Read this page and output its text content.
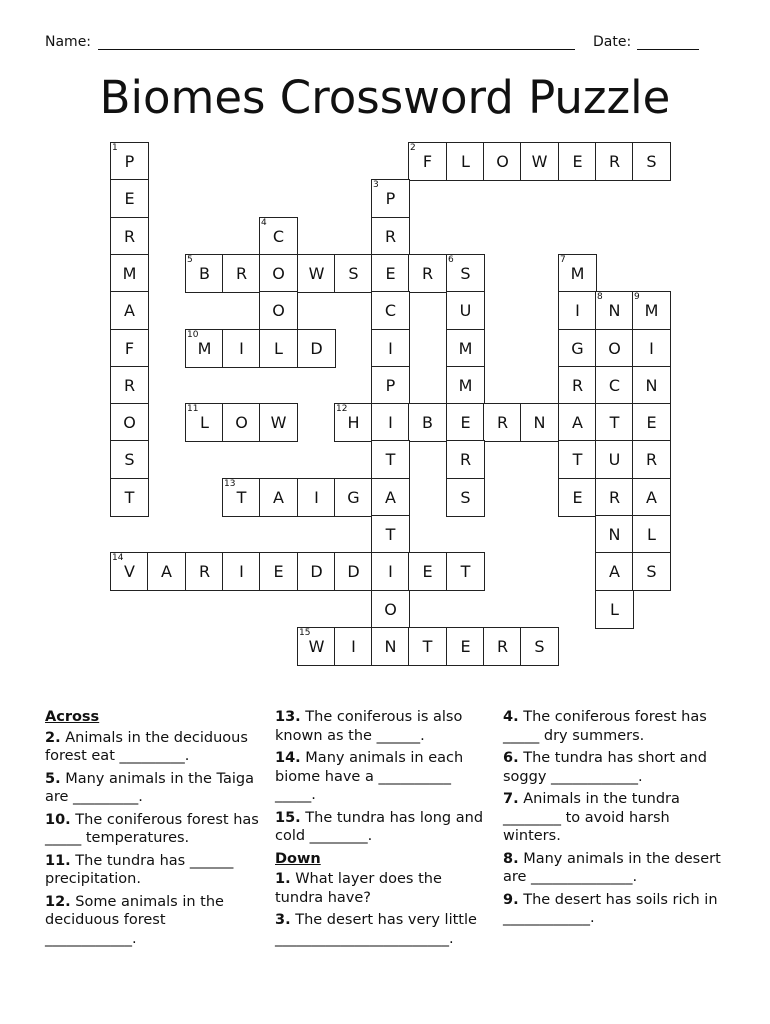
Name:	Date:
Biomes Crossword Puzzle
1
P
2
F	L	O	W	E	R	S
E
3
P
R
4
C	R
M
5
B	R	O	W	S	E	R
6
S
7
M
A	O	C	U	I
8
N
9
M
F
10
M	I	L	D	I	M	G	O	I
R	P	M	R	C	N
O
11
L	O	W
12
H	I	B	E	R	N	A	T	E
S	T	R	T	U	R
T
13
T	A	I	G	A	S	E	R	A
T	N	L
14
V	A	R	I	E	D	D	I	E	T	A	S
O	L
15
W	I	N	T	E	R	S

Across

2. Animals in the deciduous forest eat _________.

5. Many animals in the Taiga are _________.

10. The coniferous forest has _____ temperatures.

11. The tundra has ______ precipitation.

12. Some animals in the deciduous forest ____________.

13. The coniferous is also known as the ______.

14. Many animals in each biome have a __________ _____.

15. The tundra has long and cold ________.

Down

1. What layer does the tundra have?

3. The desert has very little ________________________.

4. The coniferous forest has _____ dry summers.

6. The tundra has short and soggy ____________.

7. Animals in the tundra ________ to avoid harsh winters.

8. Many animals in the desert are ______________.

9. The desert has soils rich in ____________.
